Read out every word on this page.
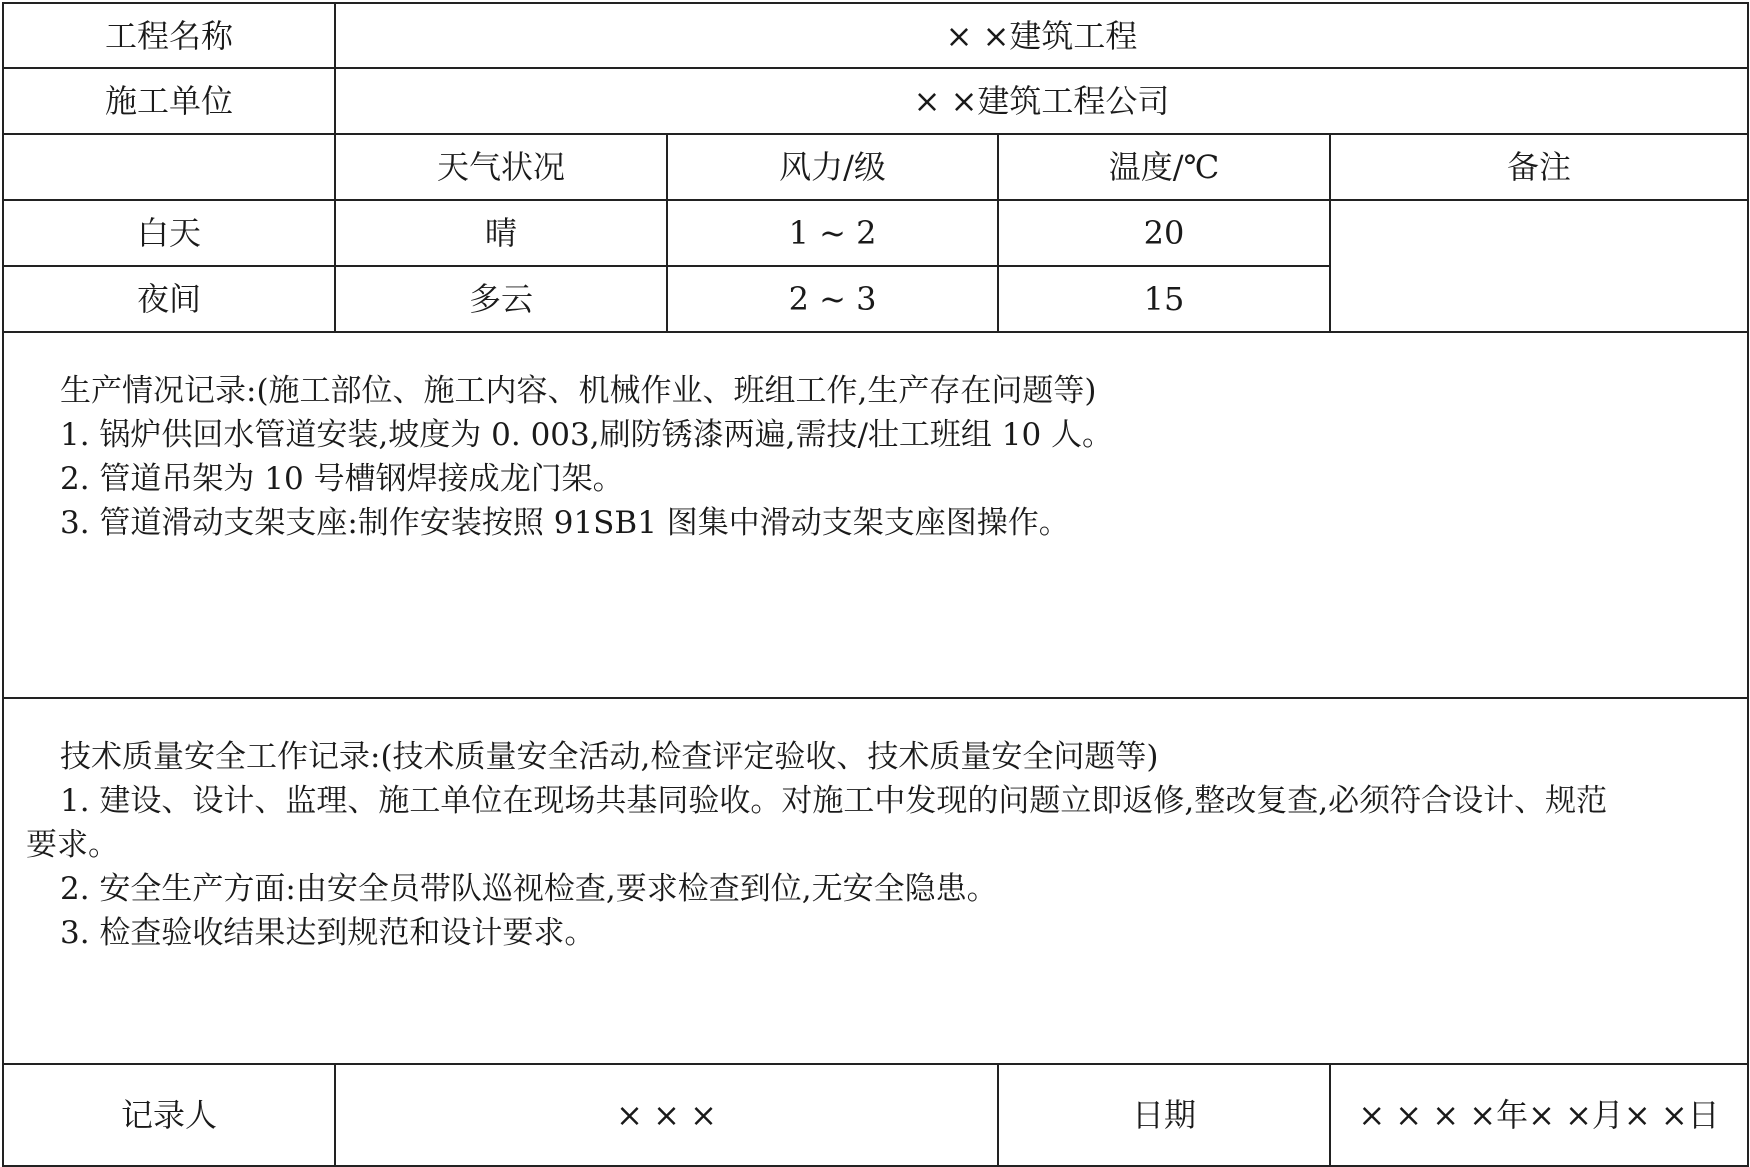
工程名称	× ×建筑工程			
施工单位	× ×建筑工程公司			
	天气状况	风力/级	温度/℃	备注
白天	晴	1 ~ 2	20	
夜间	多云	2 ~ 3	15	

生产情况记录:(施工部位、施工内容、机械作业、班组工作,生产存在问题等)

1. 锅炉供回水管道安装,坡度为 0. 003,刷防锈漆两遍,需技/壮工班组 10 人。

2. 管道吊架为 10 号槽钢焊接成龙门架。

3. 管道滑动支架支座:制作安装按照 91SB1 图集中滑动支架支座图操作。				

技术质量安全工作记录:(技术质量安全活动,检查评定验收、技术质量安全问题等)

1. 建设、设计、监理、施工单位在现场共基同验收。对施工中发现的问题立即返修,整改复查,必须符合设计、规范

要求。

2. 安全生产方面:由安全员带队巡视检查,要求检查到位,无安全隐患。

3. 检查验收结果达到规范和设计要求。				

记录人	× × ×		日期	× × × ×年× ×月× ×日
